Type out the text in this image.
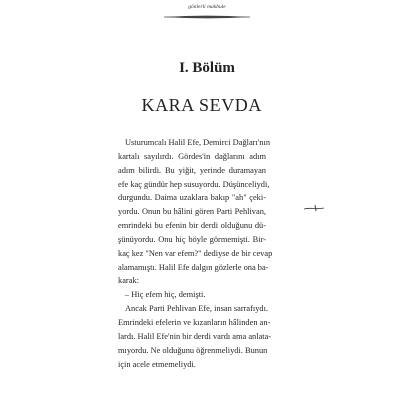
gönlerli makbule
I. Bölüm
KARA SEVDA
Usturumcalı Halil Efe, Demirci Dağları'nın
kartalı sayılırdı. Gördes'in dağlarını adım
adım bilirdi. Bu yiğit, yerinde duramayan
efe kaç gündür hep susuyordu. Düşünceliydi,
durgundu. Daima uzaklara bakıp "ah" çeki-
yordu. Onun bu hâlini gören Parti Pehlivan,
emrindeki bu efenin bir derdi olduğunu dü-
şünüyordu. Onu hiç böyle görmemişti. Bir-
kaç kez "Nen var efem?" dediyse de bir cevap
alamamıştı. Halil Efe dalgın gözlerle ona ba-
karak:
– Hiç efem hiç, demişti.
Ancak Parti Pehlivan Efe, insan sarrafıydı.
Emrindeki efelerin ve kızanların hâlinden an-
lardı. Halil Efe'nin bir derdi vardı ama anlata-
mıyordu. Ne olduğunu öğrenmeliydi. Bunun
için acele etmemeliydi.
